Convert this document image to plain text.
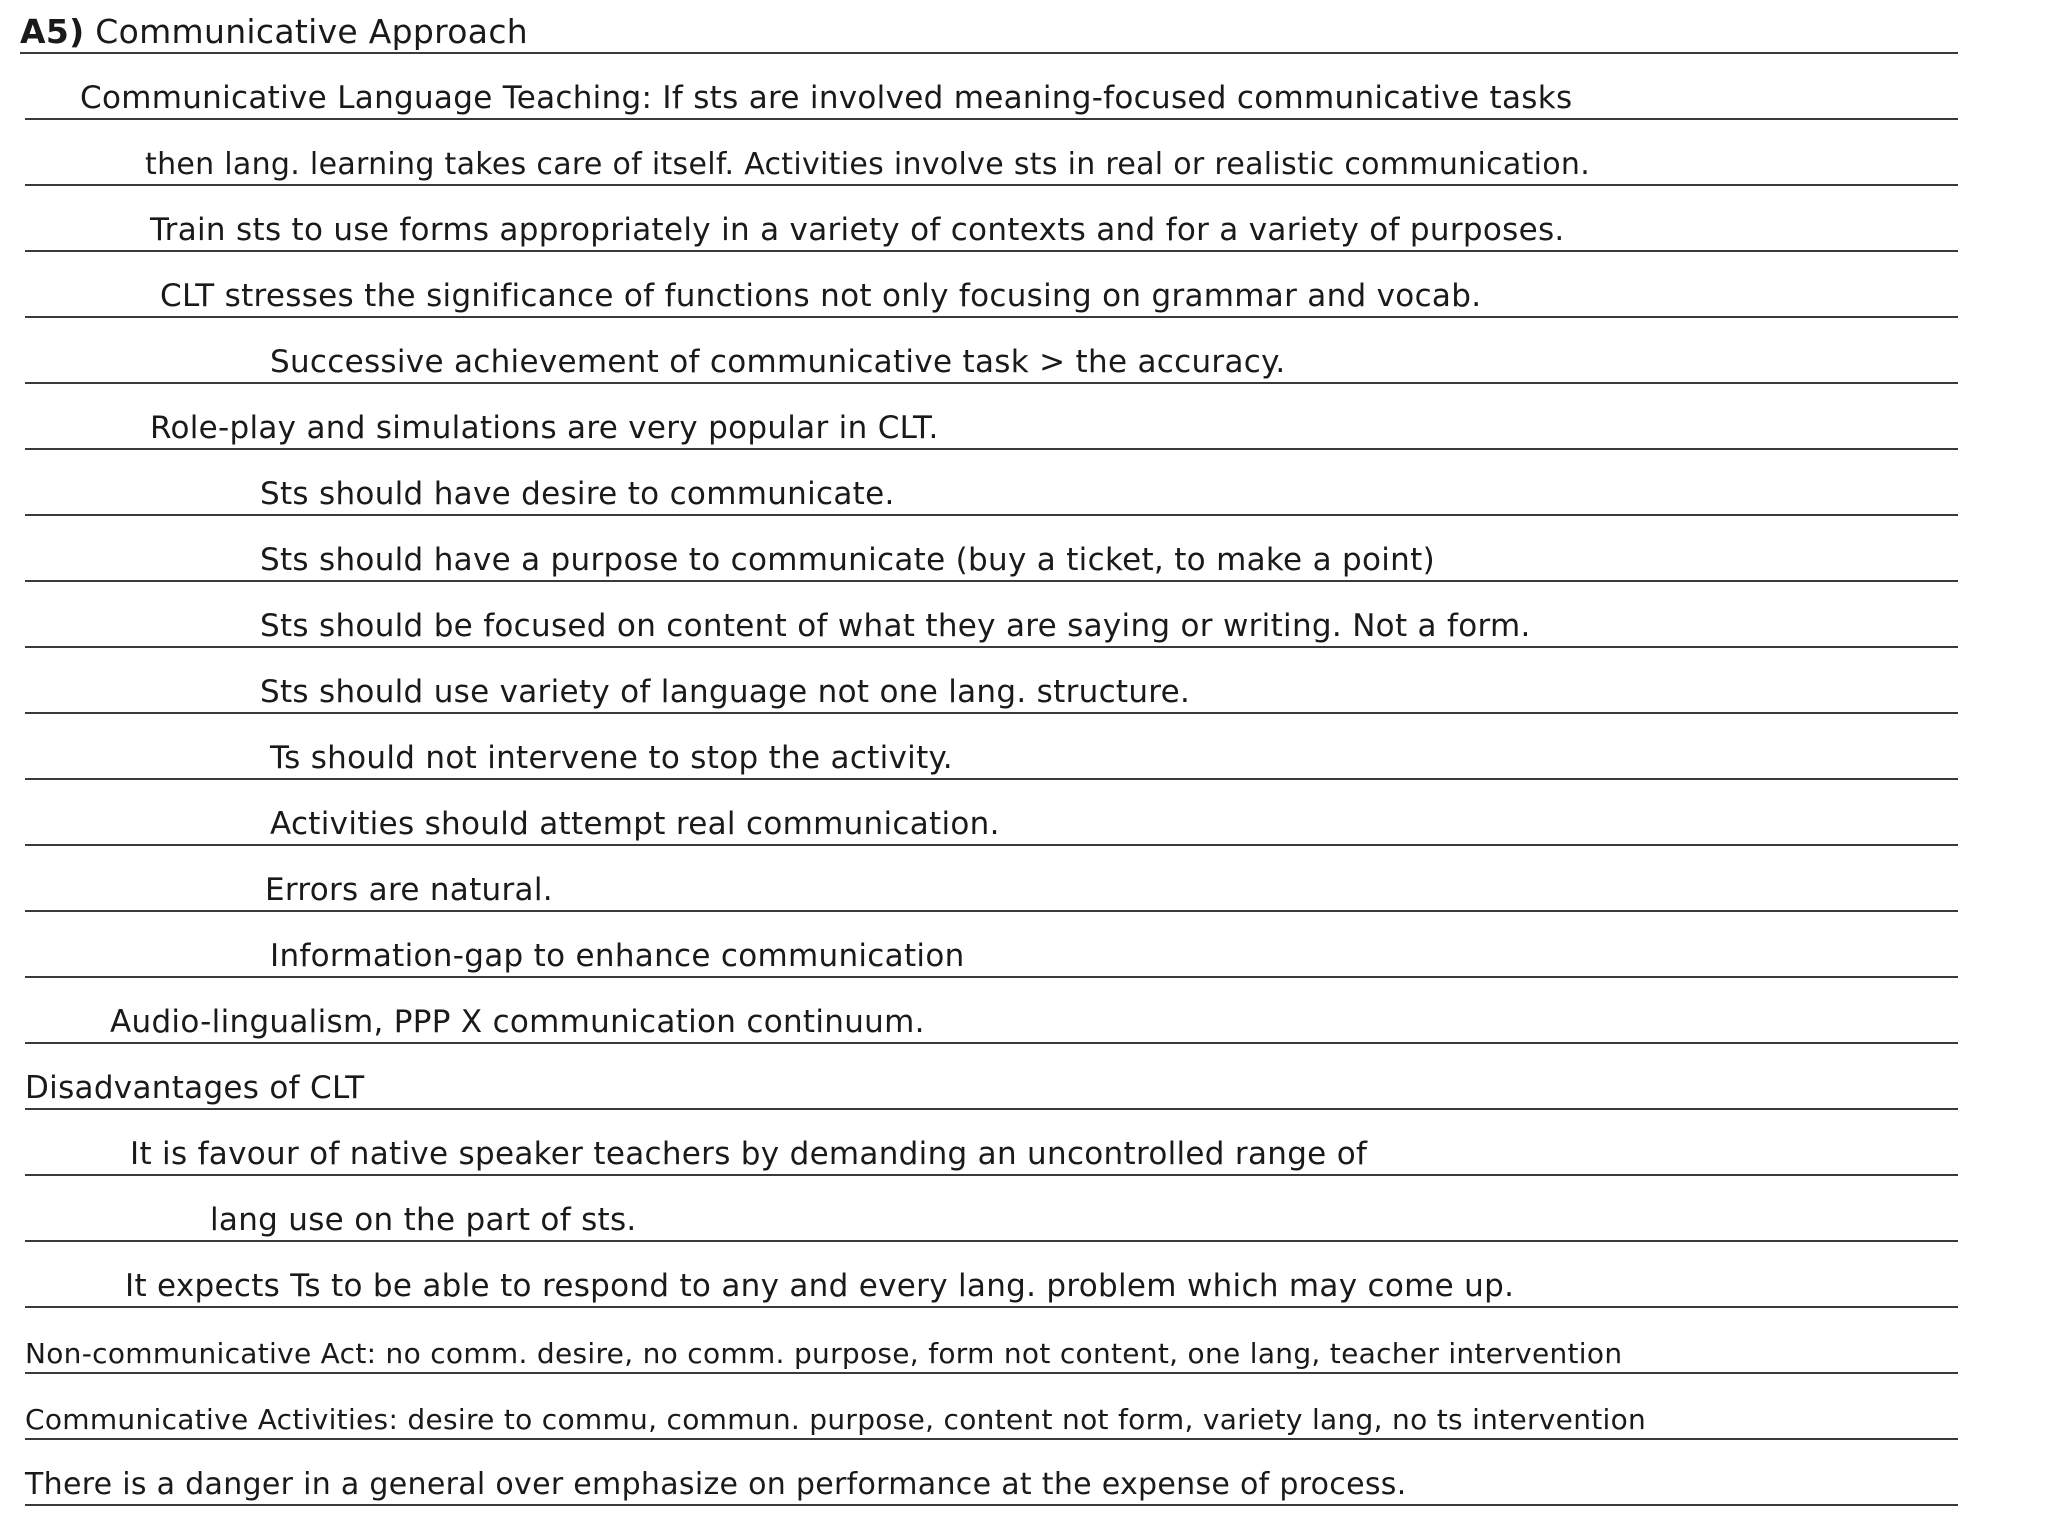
A5) Communicative Approach
Communicative Language Teaching: If sts are involved meaning-focused communicative tasks
then lang. learning takes care of itself. Activities involve sts in real or realistic communication.
Train sts to use forms appropriately in a variety of contexts and for a variety of purposes.
CLT stresses the significance of functions not only focusing on grammar and vocab.
Successive achievement of communicative task > the accuracy.
Role-play and simulations are very popular in CLT.
Sts should have desire to communicate.
Sts should have a purpose to communicate (buy a ticket, to make a point)
Sts should be focused on content of what they are saying or writing. Not a form.
Sts should use variety of language not one lang. structure.
Ts should not intervene to stop the activity.
Activities should attempt real communication.
Errors are natural.
Information-gap to enhance communication
Audio-lingualism, PPP X communication continuum.
Disadvantages of CLT
It is favour of native speaker teachers by demanding an uncontrolled range of
lang use on the part of sts.
It expects Ts to be able to respond to any and every lang. problem which may come up.
Non-communicative Act: no comm. desire, no comm. purpose, form not content, one lang, teacher intervention
Communicative Activities: desire to commu, commun. purpose, content not form, variety lang, no ts intervention
There is a danger in a general over emphasize on performance at the expense of process.
